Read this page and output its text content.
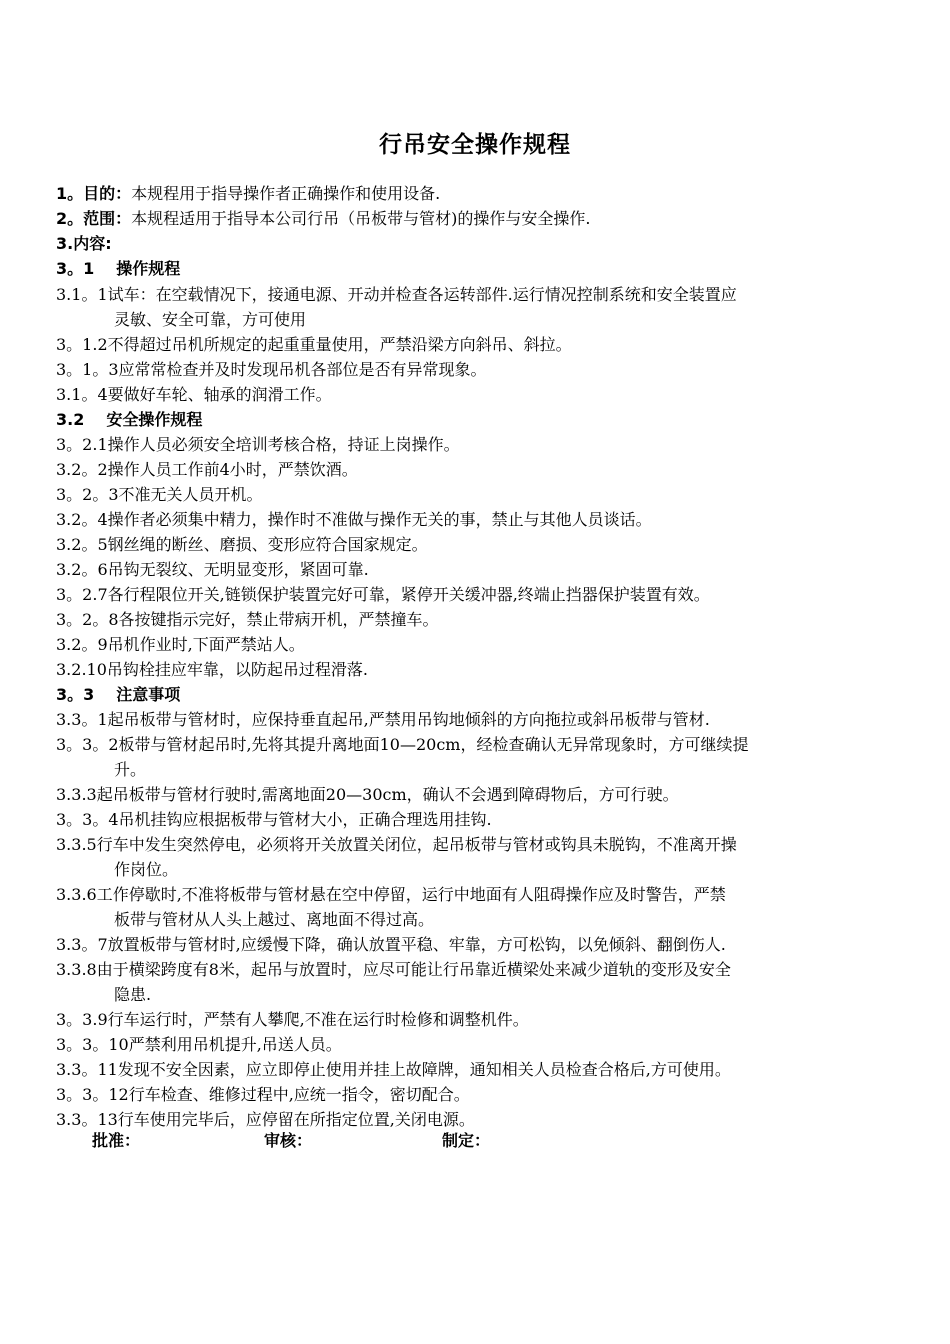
行吊安全操作规程
1。目的：本规程用于指导操作者正确操作和使用设备.
2。范围：本规程适用于指导本公司行吊（吊板带与管材)的操作与安全操作.
3.内容:
3。1 操作规程
3.1。1试车：在空载情况下，接通电源、开动并检查各运转部件.运行情况控制系统和安全装置应
灵敏、安全可靠，方可使用
3。1.2不得超过吊机所规定的起重重量使用，严禁沿梁方向斜吊、斜拉。
3。1。3应常常检查并及时发现吊机各部位是否有异常现象。
3.1。4要做好车轮、轴承的润滑工作。
3.2 安全操作规程
3。2.1操作人员必须安全培训考核合格，持证上岗操作。
3.2。2操作人员工作前4小时，严禁饮酒。
3。2。3不准无关人员开机。
3.2。4操作者必须集中精力，操作时不准做与操作无关的事，禁止与其他人员谈话。
3.2。5钢丝绳的断丝、磨损、变形应符合国家规定。
3.2。6吊钩无裂纹、无明显变形，紧固可靠.
3。2.7各行程限位开关,链锁保护装置完好可靠，紧停开关缓冲器,终端止挡器保护装置有效。
3。2。8各按键指示完好，禁止带病开机，严禁撞车。
3.2。9吊机作业时,下面严禁站人。
3.2.10吊钩栓挂应牢靠，以防起吊过程滑落.
3。3 注意事项
3.3。1起吊板带与管材时，应保持垂直起吊,严禁用吊钩地倾斜的方向拖拉或斜吊板带与管材.
3。3。2板带与管材起吊时,先将其提升离地面10—20cm，经检查确认无异常现象时，方可继续提
升。
3.3.3起吊板带与管材行驶时,需离地面20—30cm，确认不会遇到障碍物后，方可行驶。
3。3。4吊机挂钩应根据板带与管材大小，正确合理选用挂钩.
3.3.5行车中发生突然停电，必须将开关放置关闭位，起吊板带与管材或钩具未脱钩，不准离开操
作岗位。
3.3.6工作停歇时,不准将板带与管材悬在空中停留，运行中地面有人阻碍操作应及时警告，严禁
板带与管材从人头上越过、离地面不得过高。
3.3。7放置板带与管材时,应缓慢下降，确认放置平稳、牢靠，方可松钩，以免倾斜、翻倒伤人.
3.3.8由于横梁跨度有8米，起吊与放置时，应尽可能让行吊靠近横梁处来减少道轨的变形及安全
隐患.
3。3.9行车运行时，严禁有人攀爬,不准在运行时检修和调整机件。
3。3。10严禁利用吊机提升,吊送人员。
3.3。11发现不安全因素，应立即停止使用并挂上故障牌，通知相关人员检查合格后,方可使用。
3。3。12行车检查、维修过程中,应统一指令，密切配合。
3.3。13行车使用完毕后，应停留在所指定位置,关闭电源。
批准：	审核：	制定：
